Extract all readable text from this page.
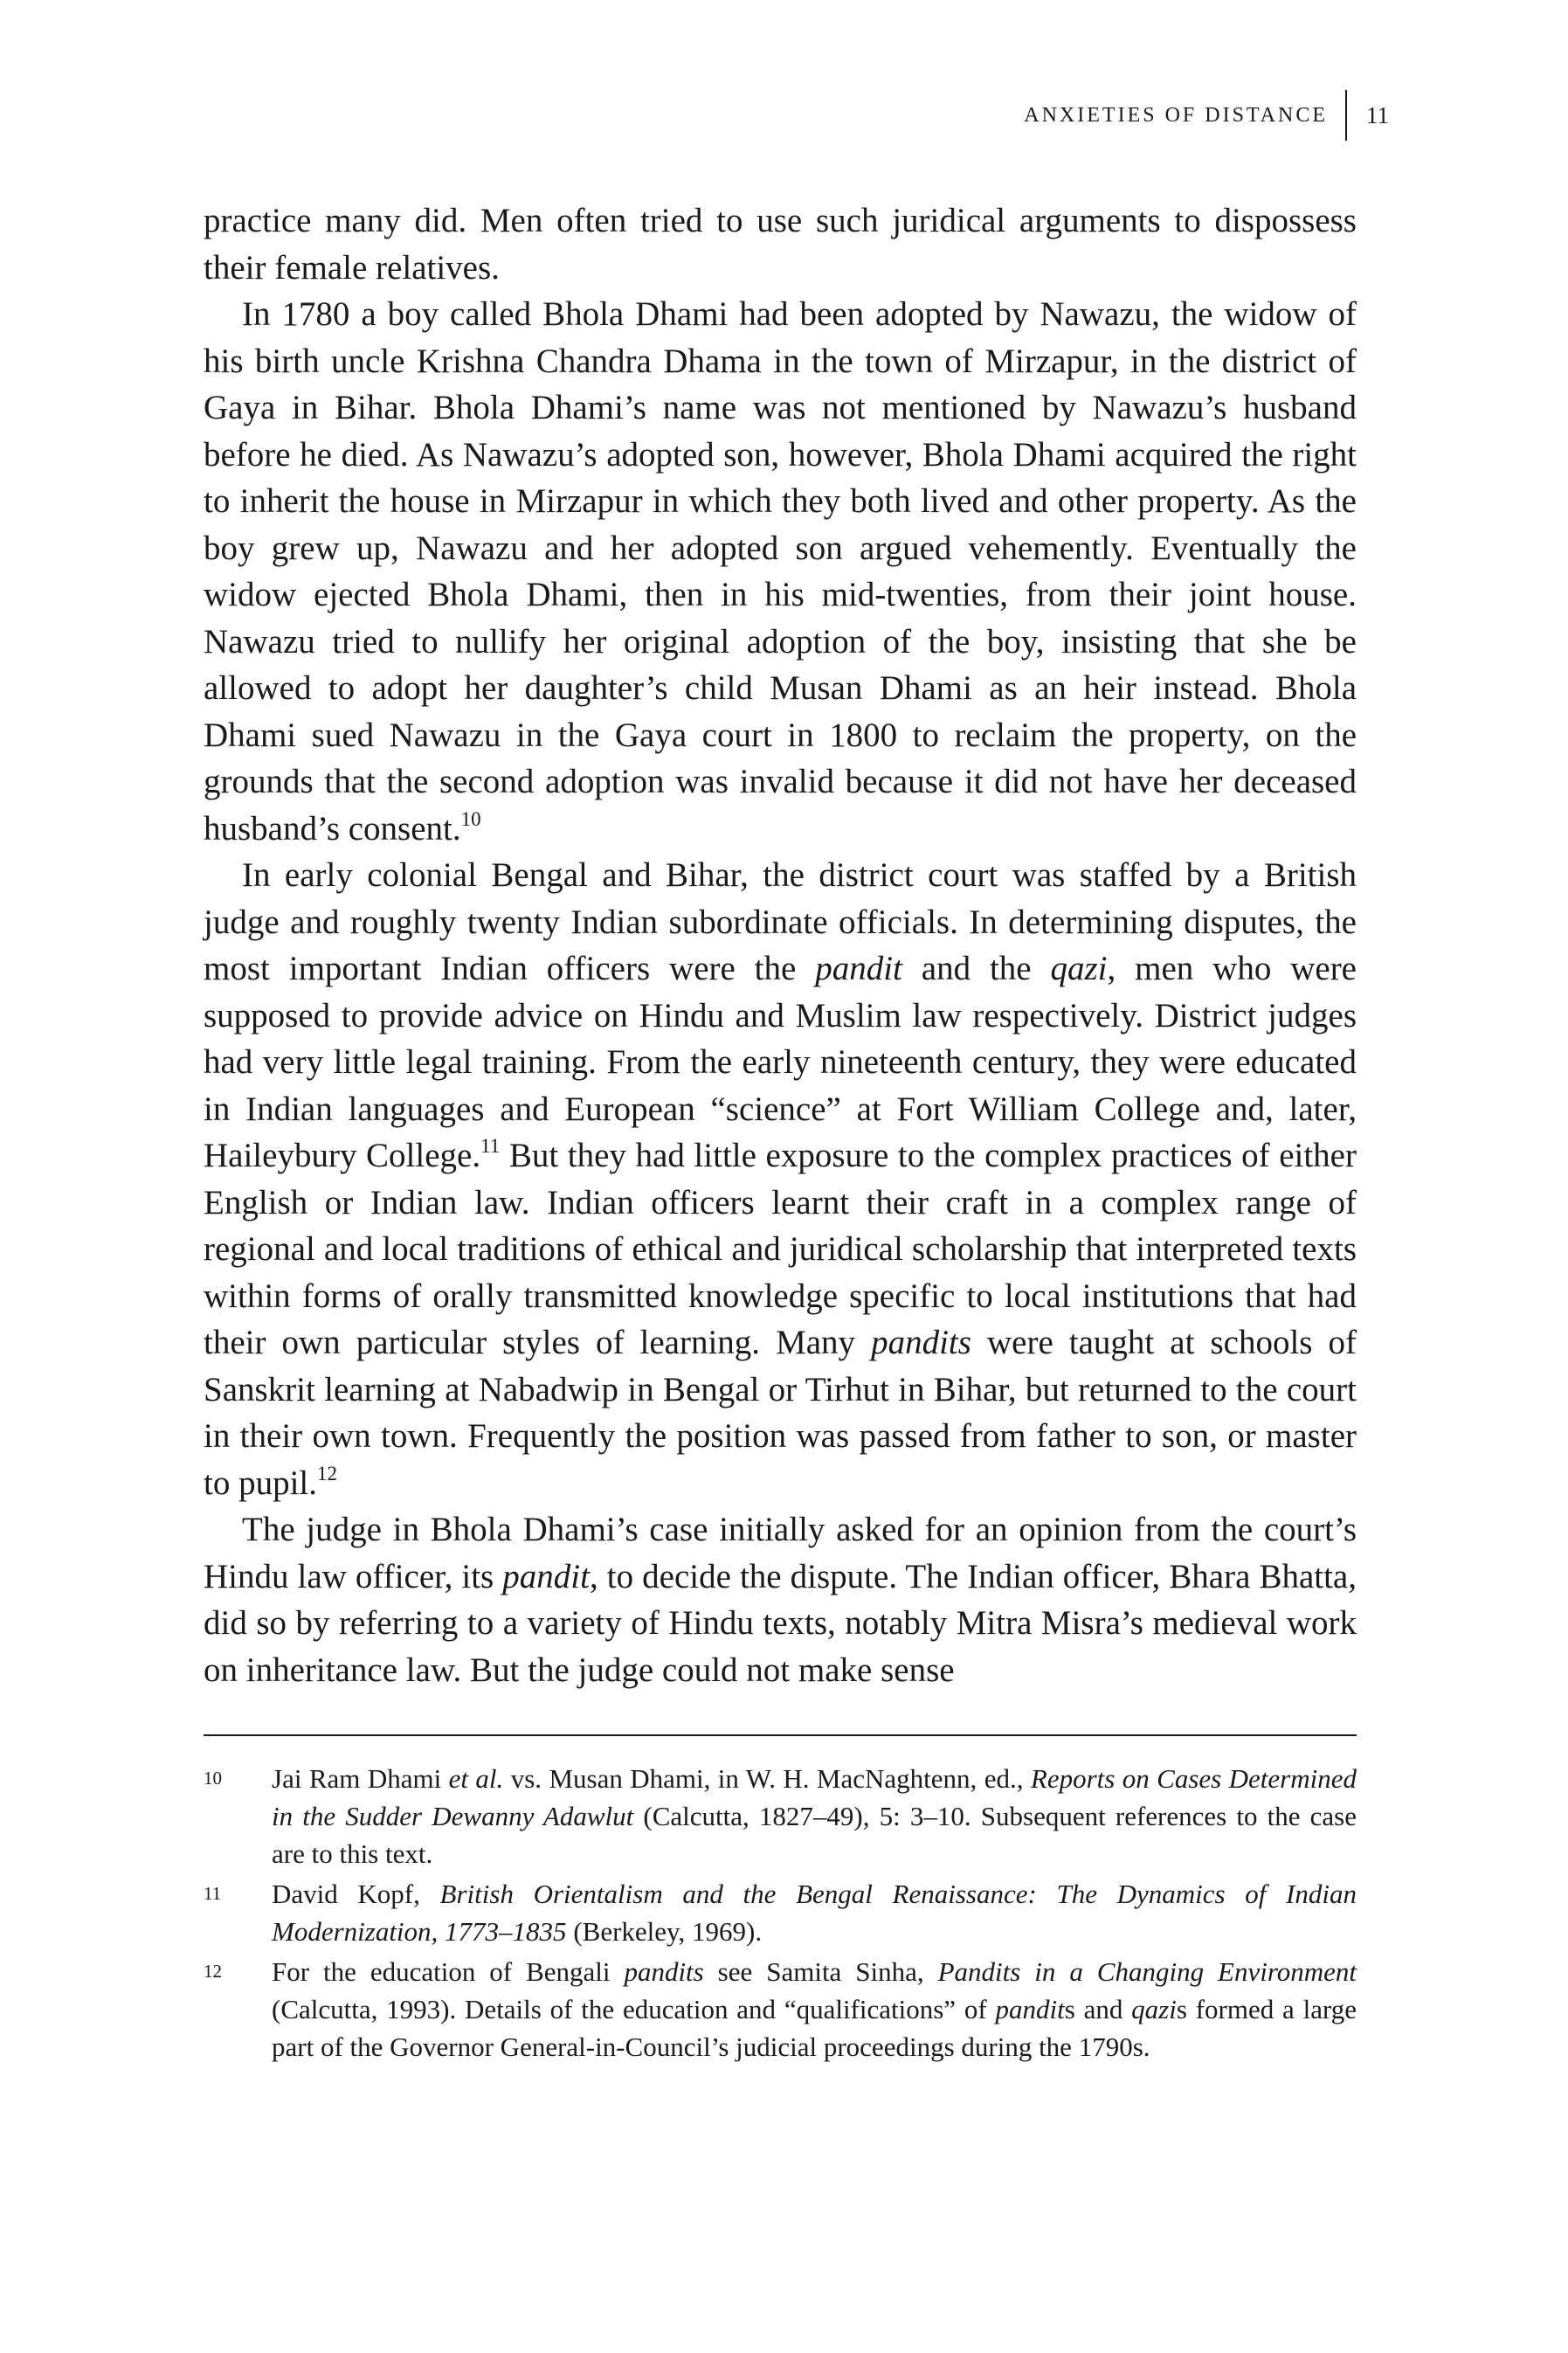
ANXIETIES OF DISTANCE	11

practice many did. Men often tried to use such juridical arguments to dispossess their female relatives.

In 1780 a boy called Bhola Dhami had been adopted by Nawazu, the widow of his birth uncle Krishna Chandra Dhama in the town of Mirzapur, in the district of Gaya in Bihar. Bhola Dhami’s name was not mentioned by Nawazu’s husband before he died. As Nawazu’s adopted son, however, Bhola Dhami acquired the right to inherit the house in Mirzapur in which they both lived and other property. As the boy grew up, Nawazu and her adopted son argued vehemently. Eventually the widow ejected Bhola Dhami, then in his mid-twenties, from their joint house. Nawazu tried to nullify her original adoption of the boy, insisting that she be allowed to adopt her daughter’s child Musan Dhami as an heir instead. Bhola Dhami sued Nawazu in the Gaya court in 1800 to reclaim the property, on the grounds that the second adoption was invalid because it did not have her deceased husband’s consent.$^{10}$

In early colonial Bengal and Bihar, the district court was staffed by a British judge and roughly twenty Indian subordinate officials. In determining disputes, the most important Indian officers were the pandit and the qazi, men who were supposed to provide advice on Hindu and Muslim law respectively. District judges had very little legal training. From the early nineteenth century, they were educated in Indian languages and European “science” at Fort William College and, later, Haileybury College.$^{11}$ But they had little exposure to the complex practices of either English or Indian law. Indian officers learnt their craft in a complex range of regional and local traditions of ethical and juridical scholarship that interpreted texts within forms of orally transmitted knowledge specific to local institutions that had their own particular styles of learning. Many pandits were taught at schools of Sanskrit learning at Nabadwip in Bengal or Tirhut in Bihar, but returned to the court in their own town. Frequently the position was passed from father to son, or master to pupil.$^{12}$

The judge in Bhola Dhami’s case initially asked for an opinion from the court’s Hindu law officer, its pandit, to decide the dispute. The Indian officer, Bhara Bhatta, did so by referring to a variety of Hindu texts, notably Mitra Misra’s medieval work on inheritance law. But the judge could not make sense

10	Jai Ram Dhami et al. vs. Musan Dhami, in W. H. MacNaghtenn, ed., Reports on Cases Determined in the Sudder Dewanny Adawlut (Calcutta, 1827–49), 5: 3–10. Subsequent references to the case are to this text.
11	David Kopf, British Orientalism and the Bengal Renaissance: The Dynamics of Indian Modernization, 1773–1835 (Berkeley, 1969).
12	For the education of Bengali pandits see Samita Sinha, Pandits in a Changing Environment (Calcutta, 1993). Details of the education and “qualifications” of pandits and qazis formed a large part of the Governor General-in-Council’s judicial proceedings during the 1790s.
